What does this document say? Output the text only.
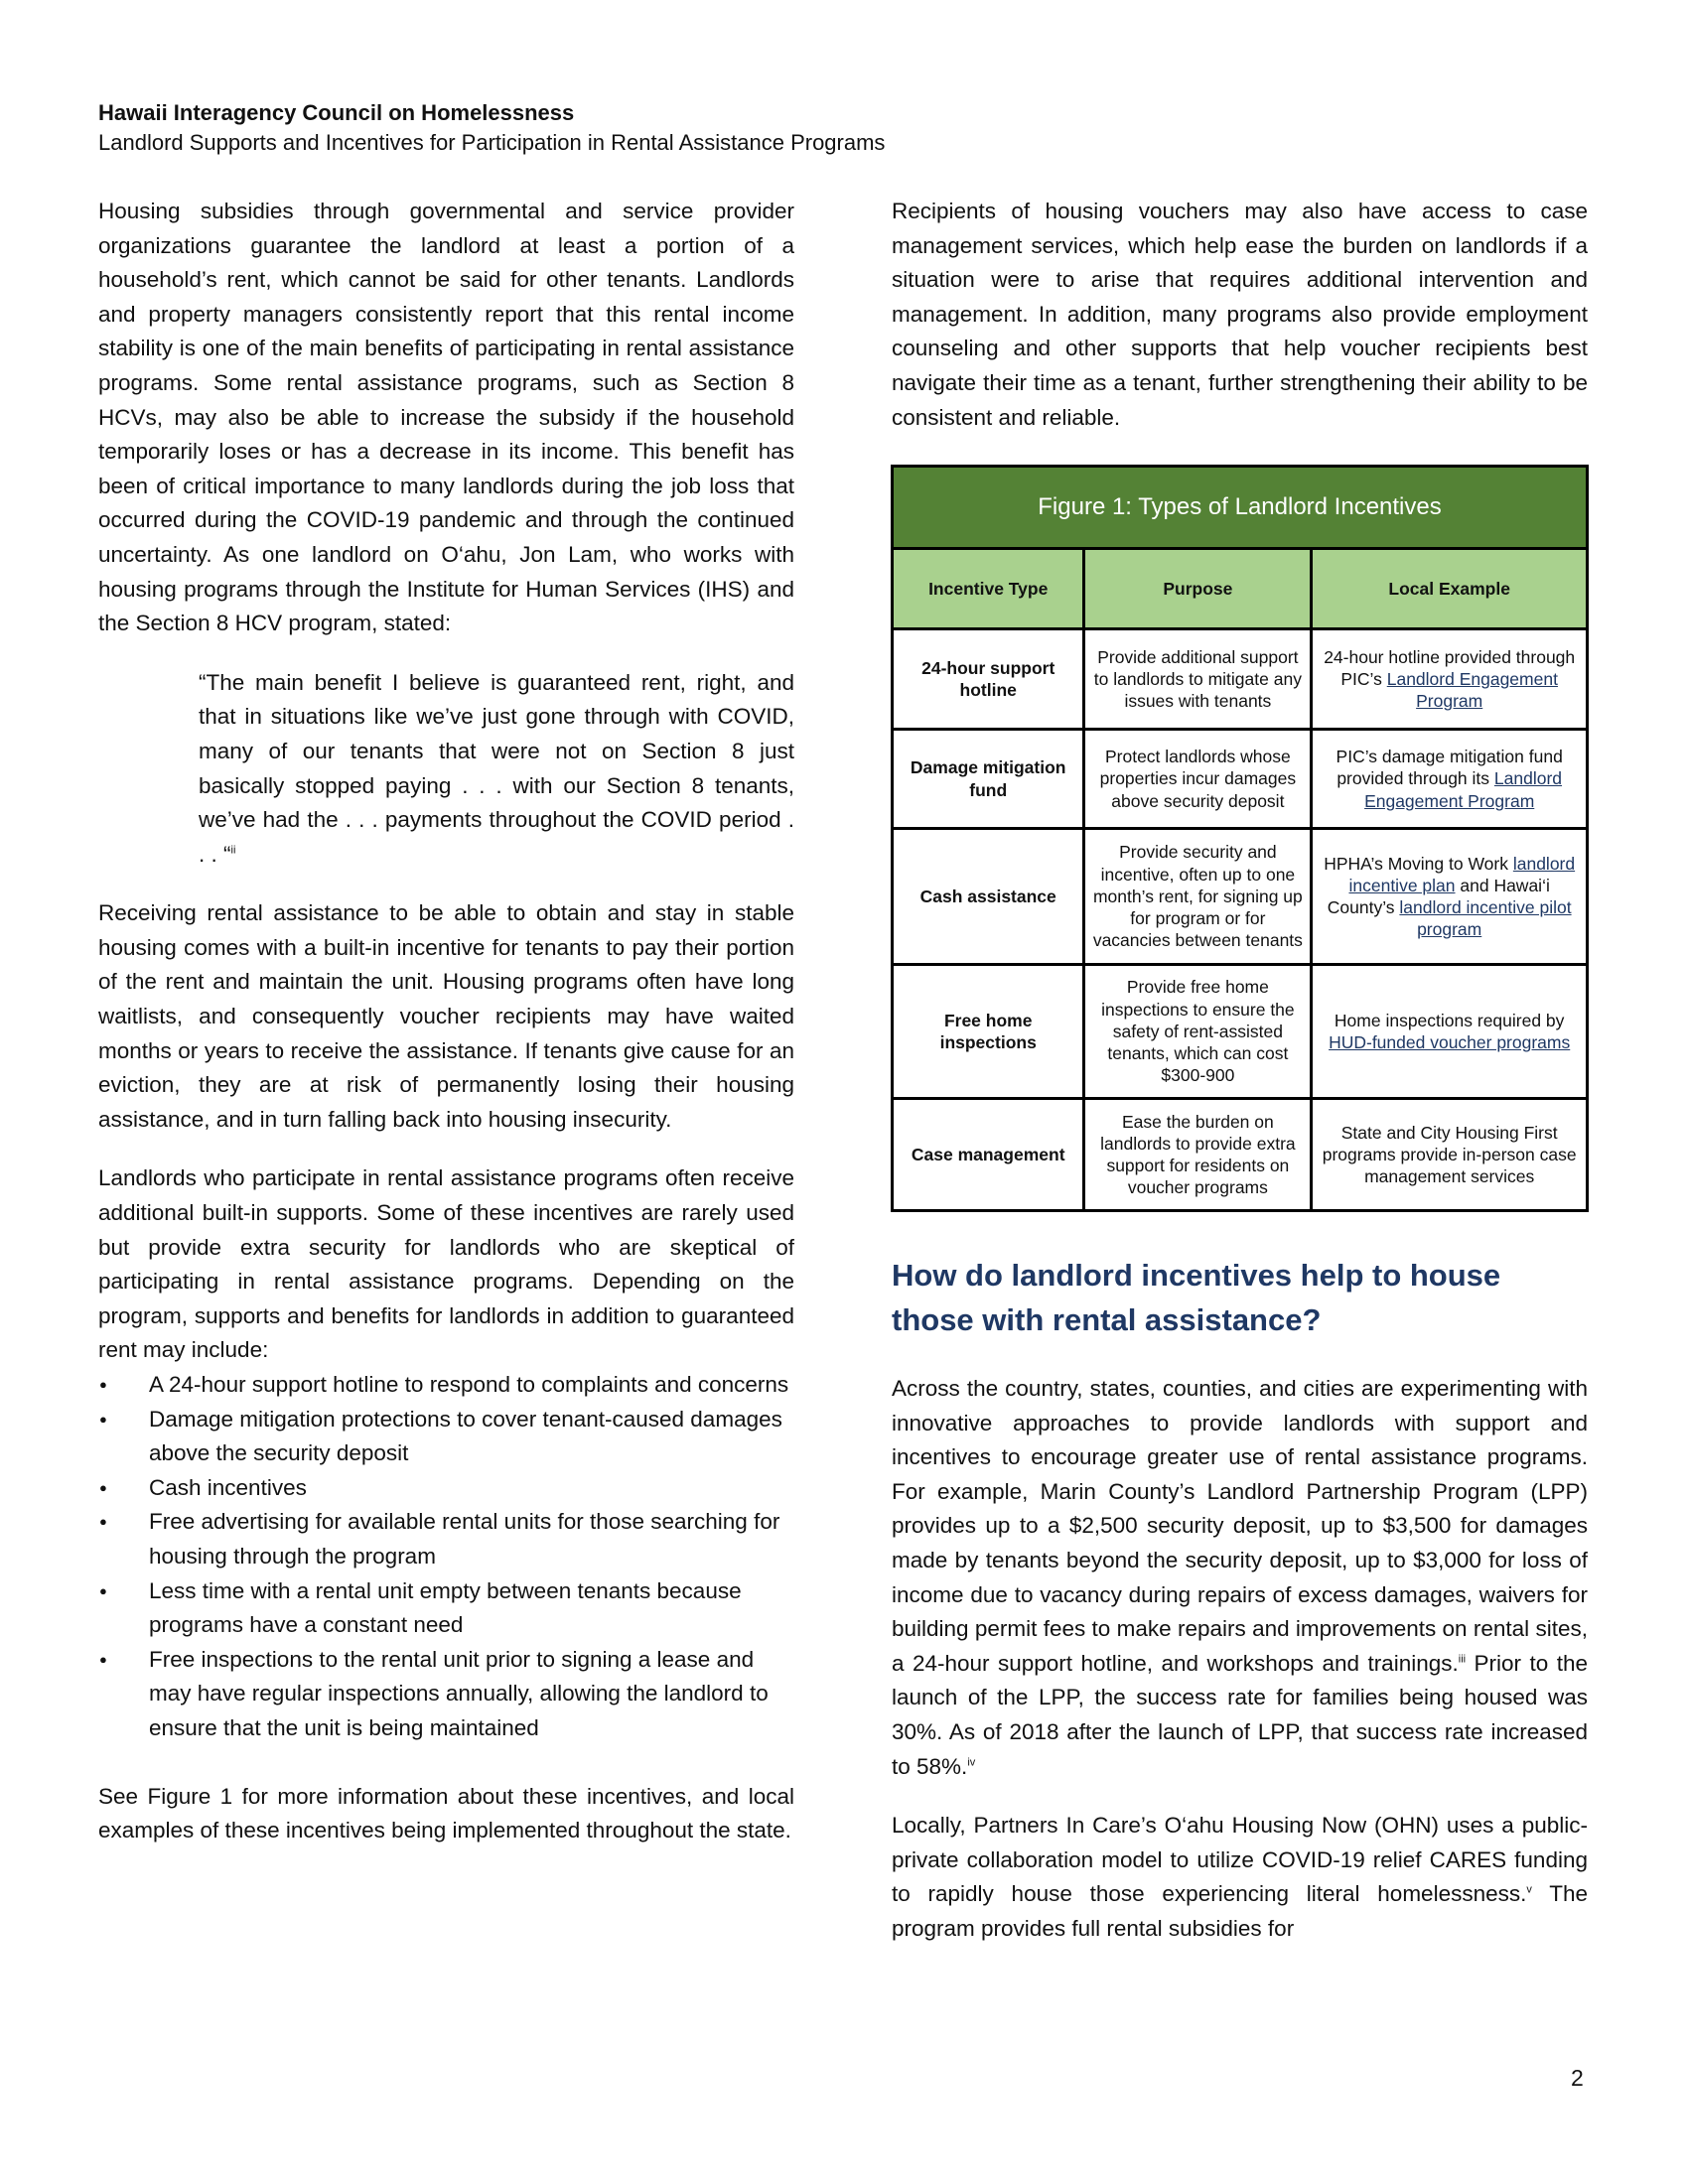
Hawaii Interagency Council on Homelessness
Landlord Supports and Incentives for Participation in Rental Assistance Programs

Housing subsidies through governmental and service provider organizations guarantee the landlord at least a portion of a household’s rent, which cannot be said for other tenants. Landlords and property managers consistently report that this rental income stability is one of the main benefits of participating in rental assistance programs. Some rental assistance programs, such as Section 8 HCVs, may also be able to increase the subsidy if the household temporarily loses or has a decrease in its income. This benefit has been of critical importance to many landlords during the job loss that occurred during the COVID-19 pandemic and through the continued uncertainty. As one landlord on O‘ahu, Jon Lam, who works with housing programs through the Institute for Human Services (IHS) and the Section 8 HCV program, stated:

“The main benefit I believe is guaranteed rent, right, and that in situations like we’ve just gone through with COVID, many of our tenants that were not on Section 8 just basically stopped paying . . . with our Section 8 tenants, we’ve had the . . . payments throughout the COVID period . . . “$^{ii}$

Receiving rental assistance to be able to obtain and stay in stable housing comes with a built-in incentive for tenants to pay their portion of the rent and maintain the unit. Housing programs often have long waitlists, and consequently voucher recipients may have waited months or years to receive the assistance. If tenants give cause for an eviction, they are at risk of permanently losing their housing assistance, and in turn falling back into housing insecurity.

Landlords who participate in rental assistance programs often receive additional built-in supports. Some of these incentives are rarely used but provide extra security for landlords who are skeptical of participating in rental assistance programs. Depending on the program, supports and benefits for landlords in addition to guaranteed rent may include:

● A 24-hour support hotline to respond to complaints and concerns
● Damage mitigation protections to cover tenant-caused damages above the security deposit
● Cash incentives
● Free advertising for available rental units for those searching for housing through the program
● Less time with a rental unit empty between tenants because programs have a constant need
● Free inspections to the rental unit prior to signing a lease and may have regular inspections annually, allowing the landlord to ensure that the unit is being maintained

See Figure 1 for more information about these incentives, and local examples of these incentives being implemented throughout the state.

Recipients of housing vouchers may also have access to case management services, which help ease the burden on landlords if a situation were to arise that requires additional intervention and management. In addition, many programs also provide employment counseling and other supports that help voucher recipients best navigate their time as a tenant, further strengthening their ability to be consistent and reliable.

Figure 1: Types of Landlord Incentives		
Incentive Type	Purpose	Local Example
24-hour support hotline	Provide additional support to landlords to mitigate any issues with tenants	24-hour hotline provided through PIC’s Landlord Engagement Program
Damage mitigation fund	Protect landlords whose properties incur damages above security deposit	PIC’s damage mitigation fund provided through its Landlord Engagement Program
Cash assistance	Provide security and incentive, often up to one month’s rent, for signing up for program or for vacancies between tenants	HPHA’s Moving to Work landlord incentive plan and Hawai‘i County’s landlord incentive pilot program
Free home inspections	Provide free home inspections to ensure the safety of rent-assisted tenants, which can cost $300-900	Home inspections required by HUD-funded voucher programs
Case management	Ease the burden on landlords to provide extra support for residents on voucher programs	State and City Housing First programs provide in-person case management services
How do landlord incentives help to house those with rental assistance?

Across the country, states, counties, and cities are experimenting with innovative approaches to provide landlords with support and incentives to encourage greater use of rental assistance programs. For example, Marin County’s Landlord Partnership Program (LPP) provides up to a $2,500 security deposit, up to $3,500 for damages made by tenants beyond the security deposit, up to $3,000 for loss of income due to vacancy during repairs of excess damages, waivers for building permit fees to make repairs and improvements on rental sites, a 24-hour support hotline, and workshops and trainings.$^{iii}$ Prior to the launch of the LPP, the success rate for families being housed was 30%. As of 2018 after the launch of LPP, that success rate increased to 58%.$^{iv}$

Locally, Partners In Care’s O‘ahu Housing Now (OHN) uses a public-private collaboration model to utilize COVID-19 relief CARES funding to rapidly house those experiencing literal homelessness.$^v$ The program provides full rental subsidies for

2
